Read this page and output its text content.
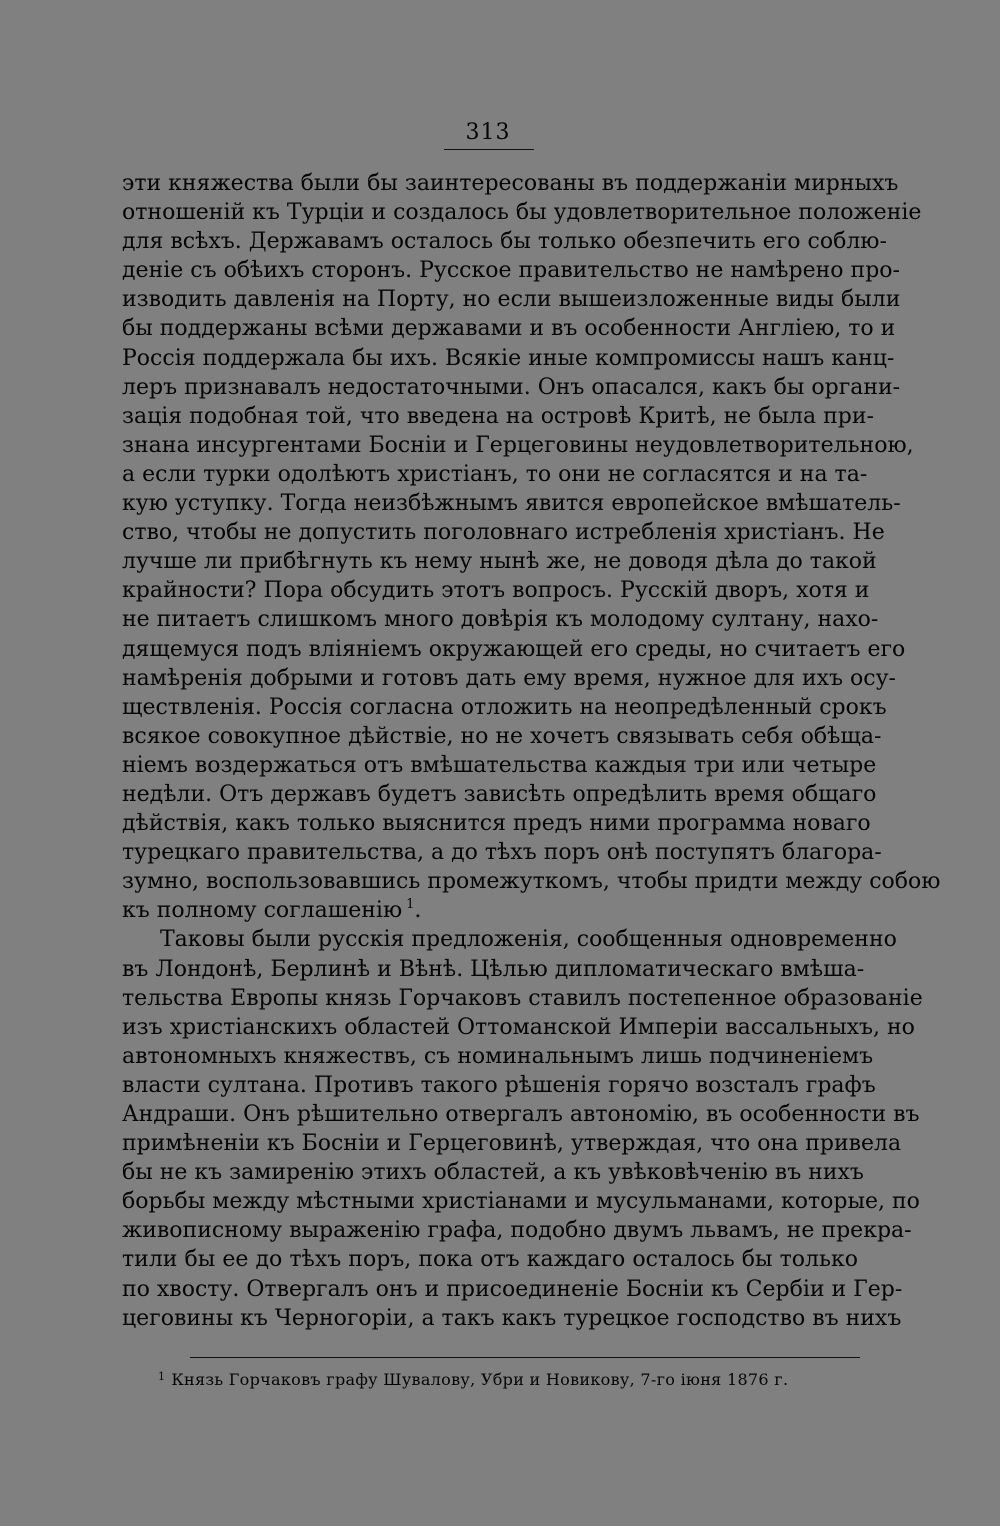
313
эти княжества были бы заинтересованы въ поддержаніи мирныхъ
отношеній къ Турціи и создалось бы удовлетворительное положеніе
для всѣхъ. Державамъ осталось бы только обезпечить его соблю-
деніе съ обѣихъ сторонъ. Русское правительство не намѣрено про-
изводить давленія на Порту, но если вышеизложенные виды были
бы поддержаны всѣми державами и въ особенности Англіею, то и
Россія поддержала бы ихъ. Всякіе иные компромиссы нашъ канц-
леръ признавалъ недостаточными. Онъ опасался, какъ бы органи-
зація подобная той, что введена на островѣ Критѣ, не была при-
знана инсургентами Босніи и Герцеговины неудовлетворительною,
а если турки одолѣютъ христіанъ, то они не согласятся и на та-
кую уступку. Тогда неизбѣжнымъ явится европейское вмѣшатель-
ство, чтобы не допустить поголовнаго истребленія христіанъ. Не
лучше ли прибѣгнуть къ нему нынѣ же, не доводя дѣла до такой
крайности? Пора обсудить этотъ вопросъ. Русскій дворъ, хотя и
не питаетъ слишкомъ много довѣрія къ молодому султану, нахо-
дящемуся подъ вліяніемъ окружающей его среды, но считаетъ его
намѣренія добрыми и готовъ дать ему время, нужное для ихъ осу-
ществленія. Россія согласна отложить на неопредѣленный срокъ
всякое совокупное дѣйствіе, но не хочетъ связывать себя обѣща-
ніемъ воздержаться отъ вмѣшательства каждыя три или четыре
недѣли. Отъ державъ будетъ зависѣть опредѣлить время общаго
дѣйствія, какъ только выяснится предъ ними программа новаго
турецкаго правительства, а до тѣхъ поръ онѣ поступятъ благора-
зумно, воспользовавшись промежуткомъ, чтобы придти между собою
къ полному соглашенію $^1$.
Таковы были русскія предложенія, сообщенныя одновременно
въ Лондонѣ, Берлинѣ и Вѣнѣ. Цѣлью дипломатическаго вмѣша-
тельства Европы князь Горчаковъ ставилъ постепенное образованіе
изъ христіанскихъ областей Оттоманской Имперіи вассальныхъ, но
автономныхъ княжествъ, съ номинальнымъ лишь подчиненіемъ
власти султана. Противъ такого рѣшенія горячо возсталъ графъ
Андраши. Онъ рѣшительно отвергалъ автономію, въ особенности въ
примѣненіи къ Босніи и Герцеговинѣ, утверждая, что она привела
бы не къ замиренію этихъ областей, а къ увѣковѣченію въ нихъ
борьбы между мѣстными христіанами и мусульманами, которые, по
живописному выраженію графа, подобно двумъ львамъ, не прекра-
тили бы ее до тѣхъ поръ, пока отъ каждаго осталось бы только
по хвосту. Отвергалъ онъ и присоединеніе Босніи къ Сербіи и Гер-
цеговины къ Черногоріи, а такъ какъ турецкое господство въ нихъ
$^1$ Князь Горчаковъ графу Шувалову, Убри и Новикову, 7-го іюня 1876 г.
